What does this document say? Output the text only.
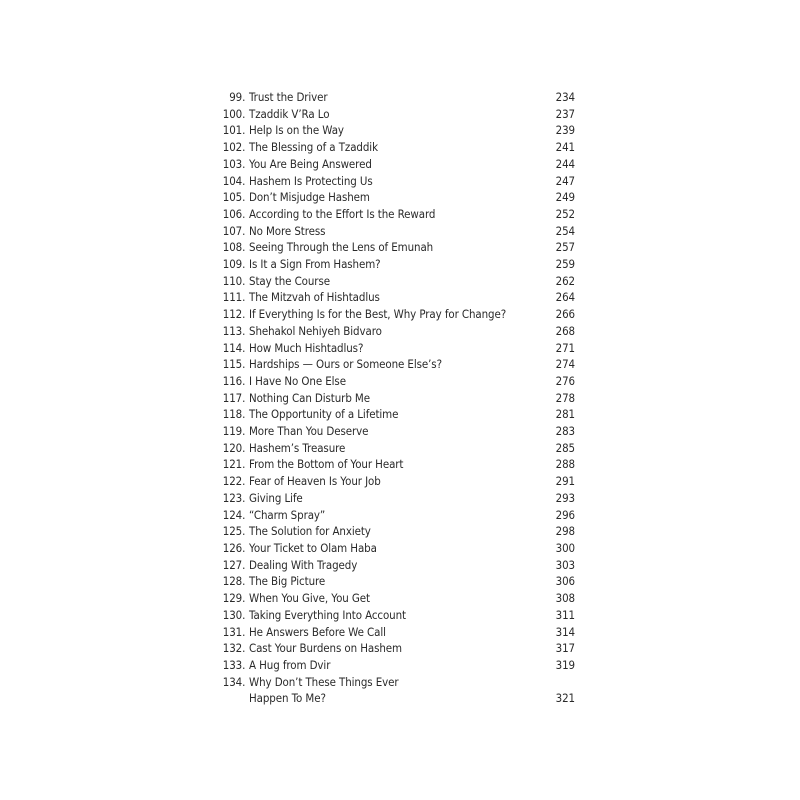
99. Trust the Driver	234
100. Tzaddik V’Ra Lo	237
101. Help Is on the Way	239
102. The Blessing of a Tzaddik	241
103. You Are Being Answered	244
104. Hashem Is Protecting Us	247
105. Don’t Misjudge Hashem	249
106. According to the Effort Is the Reward	252
107. No More Stress	254
108. Seeing Through the Lens of Emunah	257
109. Is It a Sign From Hashem?	259
110. Stay the Course	262
111. The Mitzvah of Hishtadlus	264
112. If Everything Is for the Best, Why Pray for Change?	266
113. Shehakol Nehiyeh Bidvaro	268
114. How Much Hishtadlus?	271
115. Hardships — Ours or Someone Else’s?	274
116. I Have No One Else	276
117. Nothing Can Disturb Me	278
118. The Opportunity of a Lifetime	281
119. More Than You Deserve	283
120. Hashem’s Treasure	285
121. From the Bottom of Your Heart	288
122. Fear of Heaven Is Your Job	291
123. Giving Life	293
124. “Charm Spray”	296
125. The Solution for Anxiety	298
126. Your Ticket to Olam Haba	300
127. Dealing With Tragedy	303
128. The Big Picture	306
129. When You Give, You Get	308
130. Taking Everything Into Account	311
131. He Answers Before We Call	314
132. Cast Your Burdens on Hashem	317
133. A Hug from Dvir	319
134. Why Don’t These Things Ever
Happen To Me?	321
